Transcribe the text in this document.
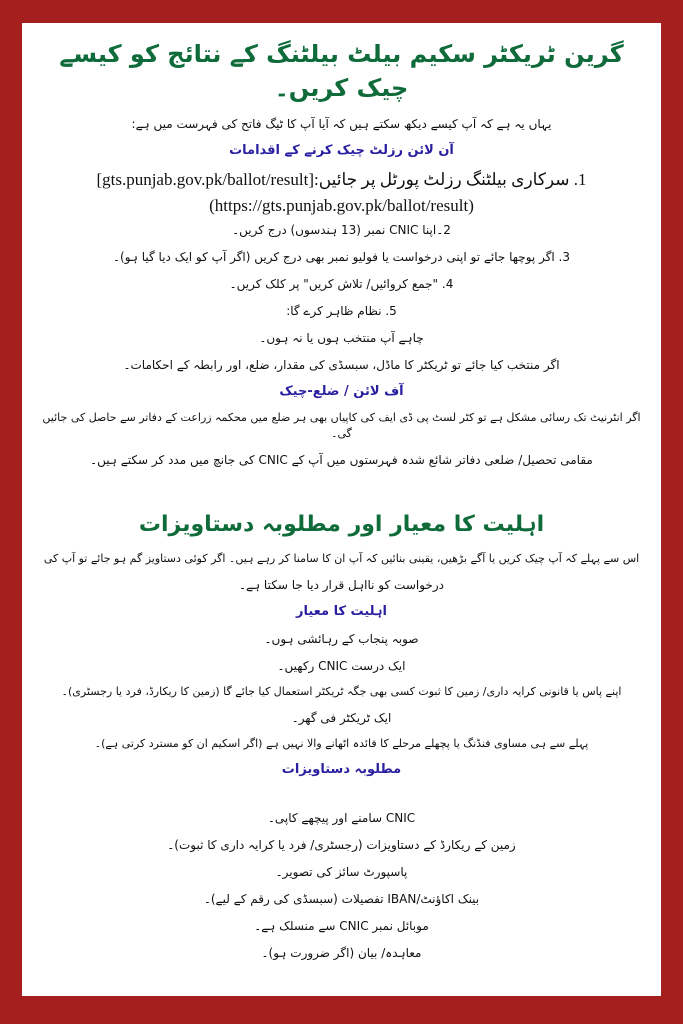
گرین ٹریکٹر سکیم بیلٹ بیلٹنگ کے نتائج کو کیسے چیک کریں۔
یہاں یہ ہے کہ آپ کیسے دیکھ سکتے ہیں کہ آیا آپ کا ٹیگ فاتح کی فہرست میں ہے:
آن لائن رزلٹ چیک کرنے کے اقدامات
1. سرکاری بیلٹنگ رزلٹ پورٹل پر جائیں:[gts.punjab.gov.pk/ballot/result]
(https://gts.punjab.gov.pk/ballot/result)
2۔اپنا CNIC نمبر (13 ہندسوں) درج کریں۔
3. اگر پوچھا جائے تو اپنی درخواست یا فولیو نمبر بھی درج کریں (اگر آپ کو ایک دیا گیا ہو)۔
4. "جمع کروائیں/ تلاش کریں" پر کلک کریں۔
5. نظام ظاہر کرے گا:
چاہے آپ منتخب ہوں یا نہ ہوں۔
اگر منتخب کیا جائے تو ٹریکٹر کا ماڈل، سبسڈی کی مقدار، ضلع، اور رابطہ کے احکامات۔
آف لائن / ضلع-چیک
اگر انٹرنیٹ تک رسائی مشکل ہے تو کٹر لسٹ پی ڈی ایف کی کاپیاں بھی ہر ضلع میں محکمہ زراعت کے دفاتر سے حاصل کی جائیں گی۔
مقامی تحصیل/ ضلعی دفاتر شائع شدہ فہرستوں میں آپ کے CNIC کی جانچ میں مدد کر سکتے ہیں۔
اہلیت کا معیار اور مطلوبہ دستاویزات
اس سے پہلے کہ آپ چیک کریں یا آگے بڑھیں، یقینی بنائیں کہ آپ ان کا سامنا کر رہے ہیں۔ اگر کوئی دستاویز گم ہو جائے تو آپ کی
درخواست کو نااہل قرار دیا جا سکتا ہے۔
اہلیت کا معیار
صوبہ پنجاب کے رہائشی ہوں۔
ایک درست CNIC رکھیں۔
اپنے پاس یا قانونی کرایہ داری/ زمین کا ثبوت کسی بھی جگہ ٹریکٹر استعمال کیا جائے گا (زمین کا ریکارڈ، فرد یا رجسٹری)۔
ایک ٹریکٹر فی گھر۔
پہلے سے ہی مساوی فنڈنگ یا پچھلے مرحلے کا فائدہ اٹھانے والا نہیں ہے (اگر اسکیم ان کو مسترد کرتی ہے)۔
مطلوبہ دستاویزات
CNIC سامنے اور پیچھے کاپی۔
زمین کے ریکارڈ کے دستاویزات (رجسٹری/ فرد یا کرایہ داری کا ثبوت)۔
پاسپورٹ سائز کی تصویر۔
بینک اکاؤنٹ/IBAN تفصیلات (سبسڈی کی رقم کے لیے)۔
موبائل نمبر CNIC سے منسلک ہے۔
معاہدہ/ بیان (اگر ضرورت ہو)۔
